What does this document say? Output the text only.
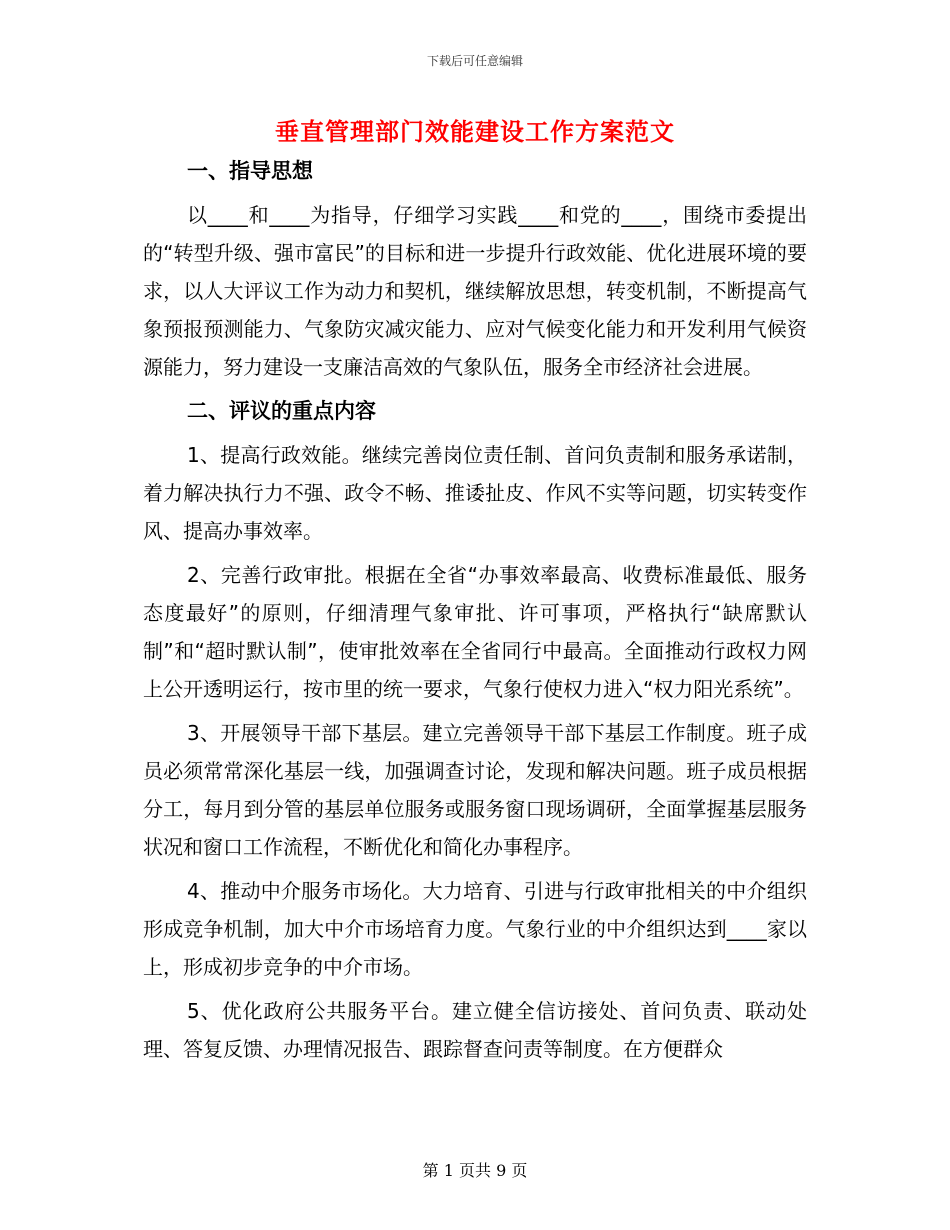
下载后可任意编辑
垂直管理部门效能建设工作方案范文
一、指导思想

以____和____为指导，仔细学习实践____和党的____，围绕市委提出的“转型升级、强市富民”的目标和进一步提升行政效能、优化进展环境的要求，以人大评议工作为动力和契机，继续解放思想，转变机制，不断提高气象预报预测能力、气象防灾减灾能力、应对气候变化能力和开发利用气候资源能力，努力建设一支廉洁高效的气象队伍，服务全市经济社会进展。

二、评议的重点内容

1、提高行政效能。继续完善岗位责任制、首问负责制和服务承诺制，着力解决执行力不强、政令不畅、推诿扯皮、作风不实等问题，切实转变作风、提高办事效率。

2、完善行政审批。根据在全省“办事效率最高、收费标准最低、服务态度最好”的原则，仔细清理气象审批、许可事项，严格执行“缺席默认制”和“超时默认制”，使审批效率在全省同行中最高。全面推动行政权力网上公开透明运行，按市里的统一要求，气象行使权力进入“权力阳光系统”。

3、开展领导干部下基层。建立完善领导干部下基层工作制度。班子成员必须常常深化基层一线，加强调查讨论，发现和解决问题。班子成员根据分工，每月到分管的基层单位服务或服务窗口现场调研，全面掌握基层服务状况和窗口工作流程，不断优化和简化办事程序。

4、推动中介服务市场化。大力培育、引进与行政审批相关的中介组织形成竞争机制，加大中介市场培育力度。气象行业的中介组织达到____家以上，形成初步竞争的中介市场。

5、优化政府公共服务平台。建立健全信访接处、首问负责、联动处理、答复反馈、办理情况报告、跟踪督查问责等制度。在方便群众

第 1 页共 9 页
